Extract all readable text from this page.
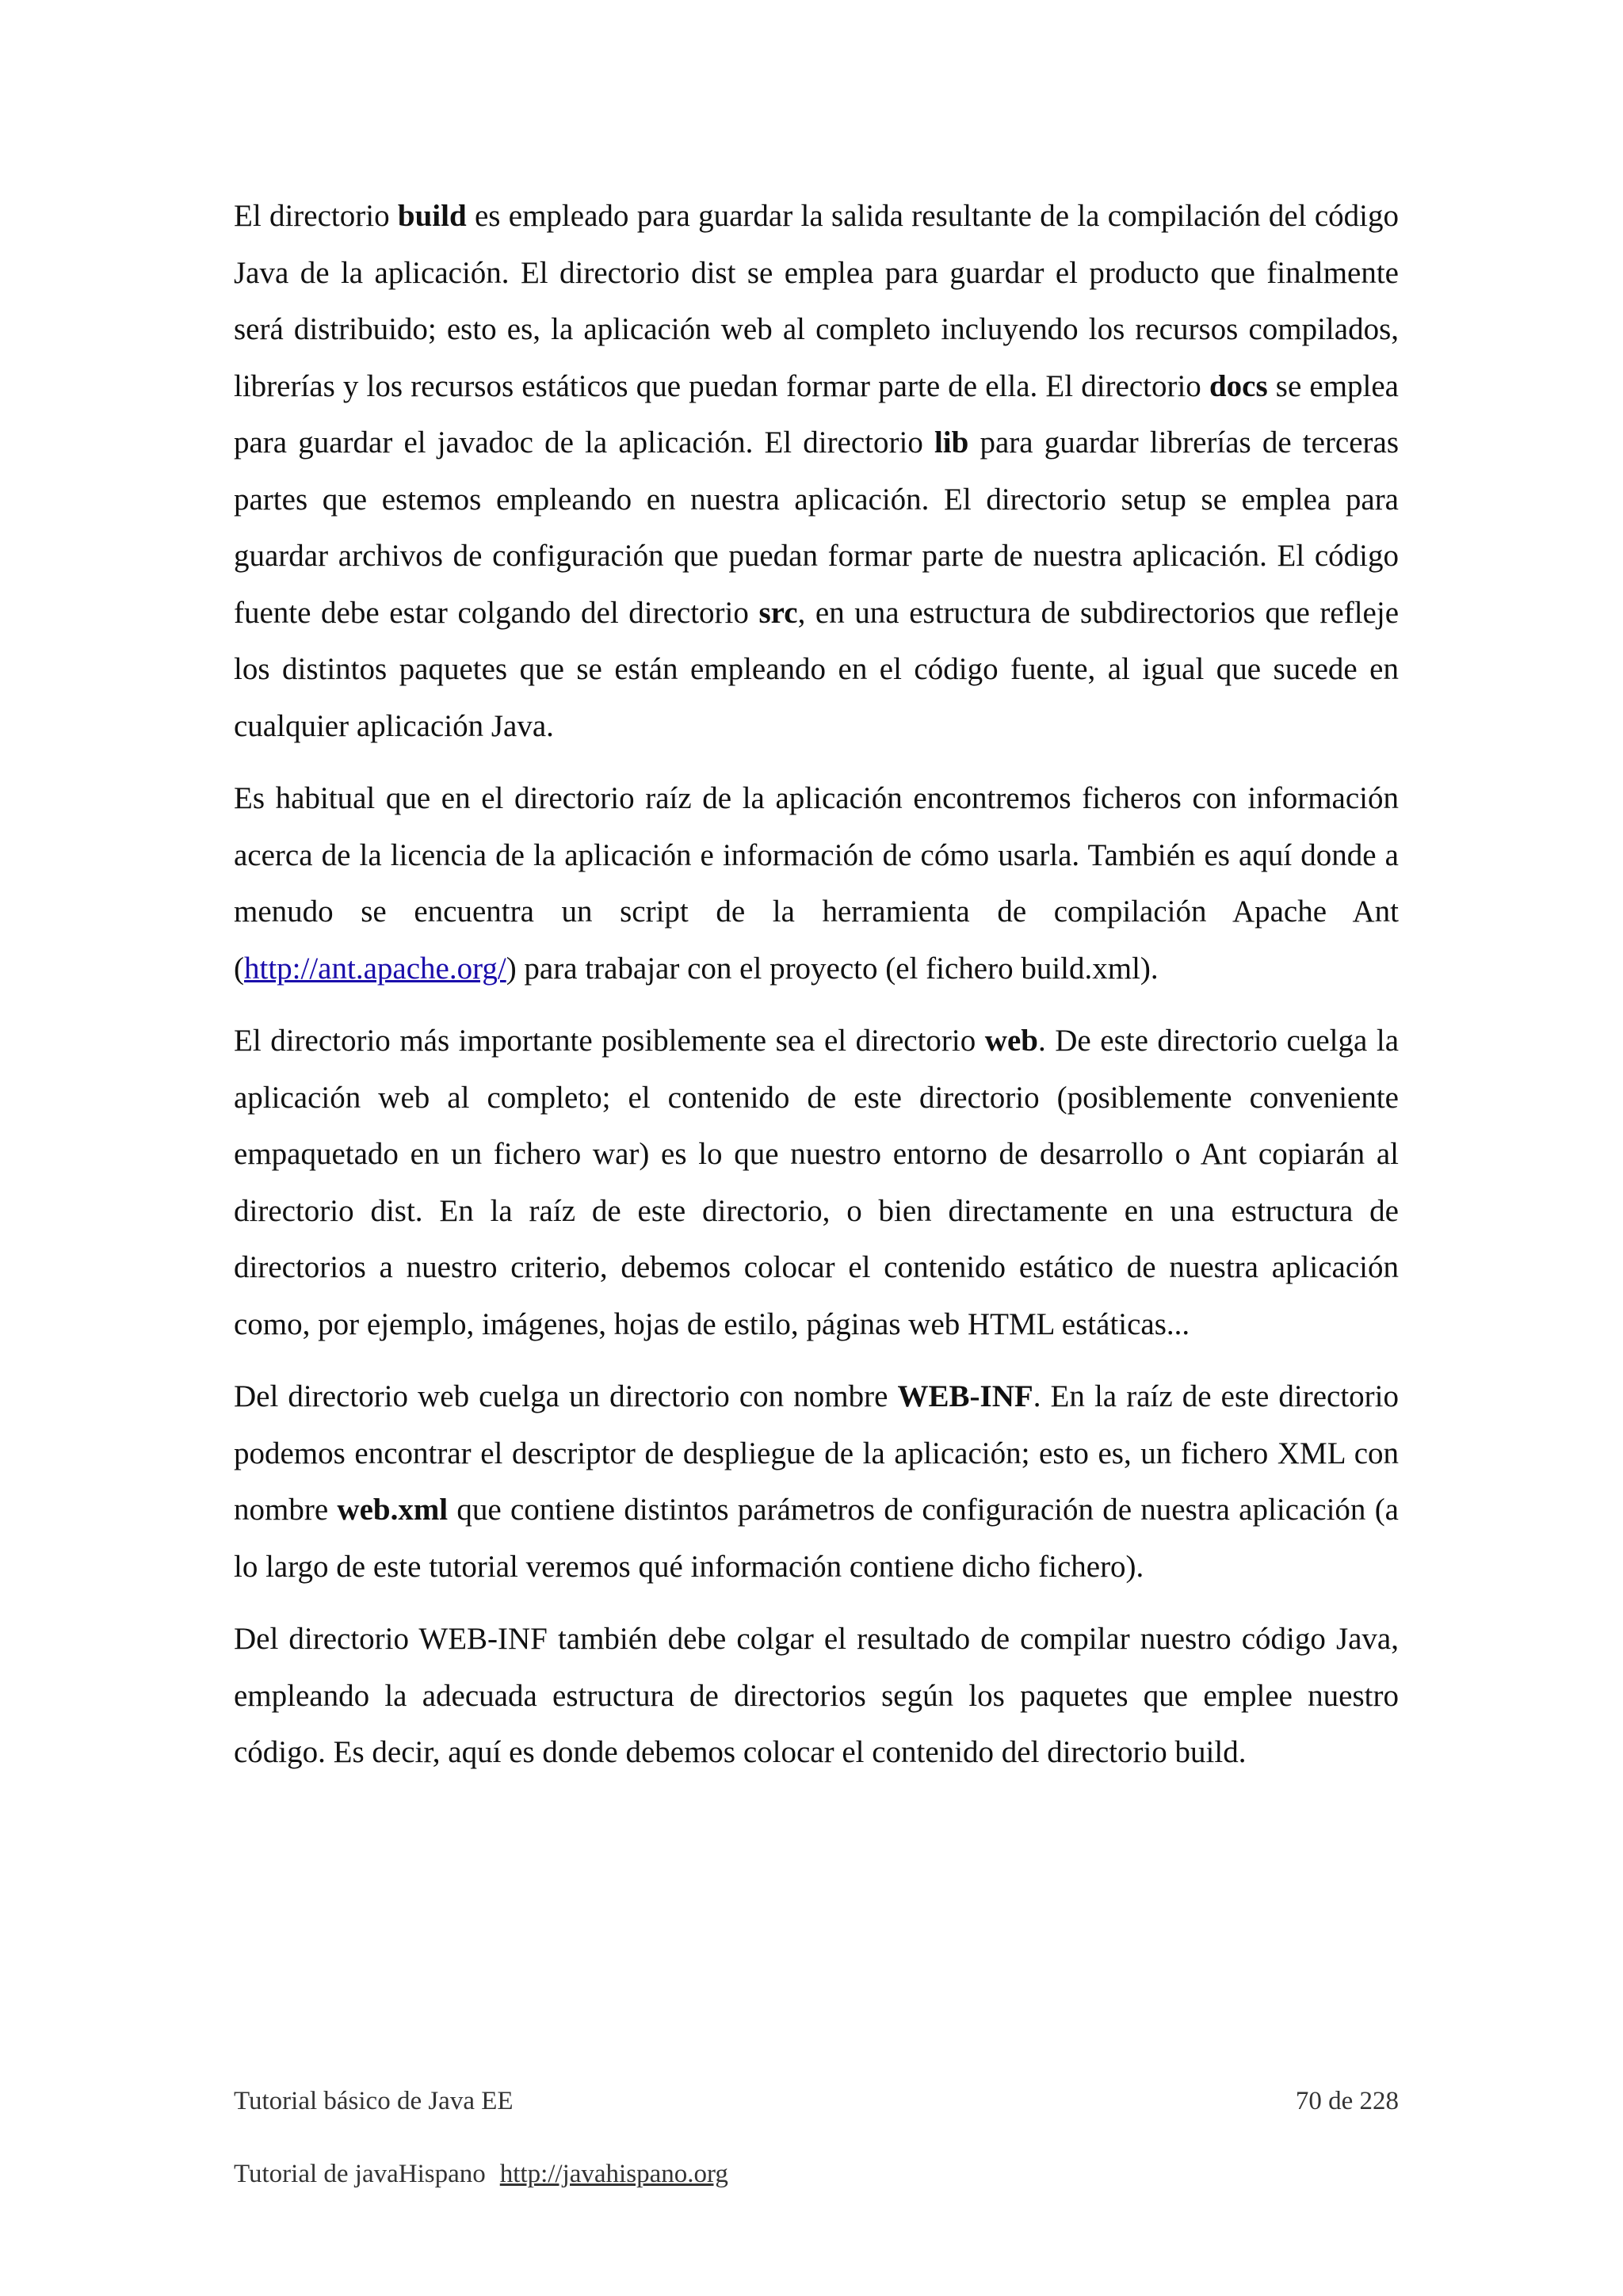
El directorio build es empleado para guardar la salida resultante de la compilación del código Java de la aplicación. El directorio dist se emplea para guardar el producto que finalmente será distribuido; esto es, la aplicación web al completo incluyendo los recursos compilados, librerías y los recursos estáticos que puedan formar parte de ella. El directorio docs se emplea para guardar el javadoc de la aplicación. El directorio lib para guardar librerías de terceras partes que estemos empleando en nuestra aplicación. El directorio setup se emplea para guardar archivos de configuración que puedan formar parte de nuestra aplicación. El código fuente debe estar colgando del directorio src, en una estructura de subdirectorios que refleje los distintos paquetes que se están empleando en el código fuente, al igual que sucede en cualquier aplicación Java.

Es habitual que en el directorio raíz de la aplicación encontremos ficheros con información acerca de la licencia de la aplicación e información de cómo usarla. También es aquí donde a menudo se encuentra un script de la herramienta de compilación Apache Ant (http://ant.apache.org/) para trabajar con el proyecto (el fichero build.xml).

El directorio más importante posiblemente sea el directorio web. De este directorio cuelga la aplicación web al completo; el contenido de este directorio (posiblemente conveniente empaquetado en un fichero war) es lo que nuestro entorno de desarrollo o Ant copiarán al directorio dist. En la raíz de este directorio, o bien directamente en una estructura de directorios a nuestro criterio, debemos colocar el contenido estático de nuestra aplicación como, por ejemplo, imágenes, hojas de estilo, páginas web HTML estáticas...

Del directorio web cuelga un directorio con nombre WEB-INF. En la raíz de este directorio podemos encontrar el descriptor de despliegue de la aplicación; esto es, un fichero XML con nombre web.xml que contiene distintos parámetros de configuración de nuestra aplicación (a lo largo de este tutorial veremos qué información contiene dicho fichero).

Del directorio WEB-INF también debe colgar el resultado de compilar nuestro código Java, empleando la adecuada estructura de directorios según los paquetes que emplee nuestro código. Es decir, aquí es donde debemos colocar el contenido del directorio build.

Tutorial básico de Java EE	70 de 228
Tutorial de javaHispano http://javahispano.org
